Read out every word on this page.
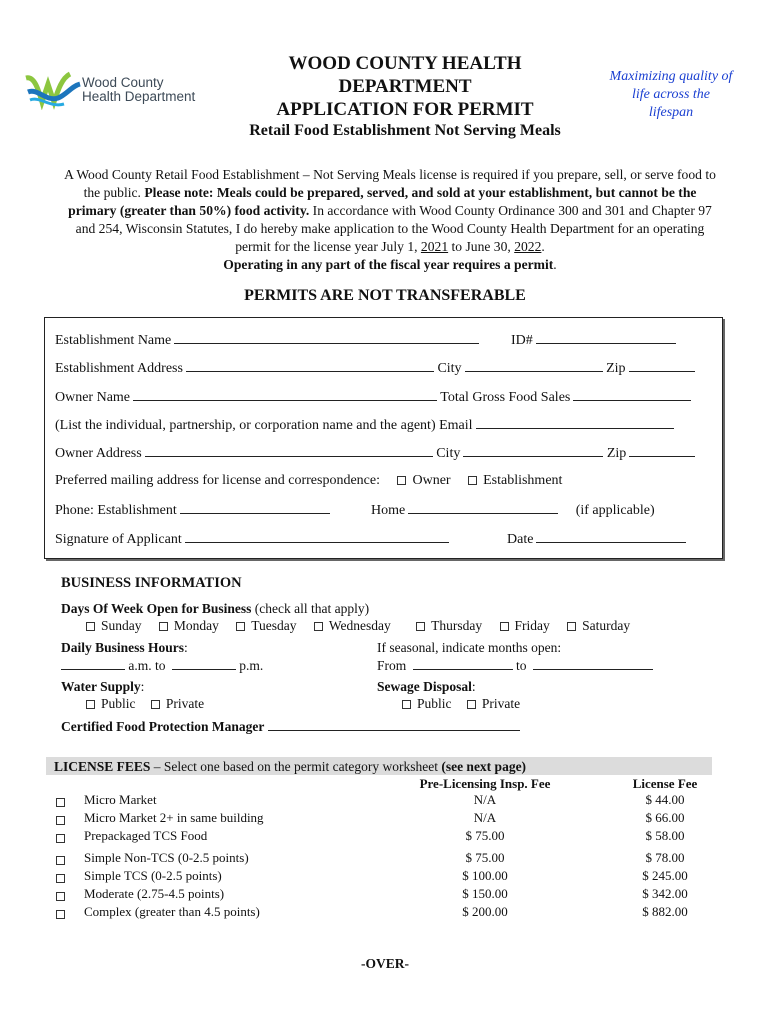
Wood County
Health Department
WOOD COUNTY HEALTH
DEPARTMENT
APPLICATION FOR PERMIT
Retail Food Establishment Not Serving Meals
Maximizing quality of
life across the
lifespan
A Wood County Retail Food Establishment – Not Serving Meals license is required if you prepare, sell, or serve food to the public. Please note: Meals could be prepared, served, and sold at your establishment, but cannot be the primary (greater than 50%) food activity. In accordance with Wood County Ordinance 300 and 301 and Chapter 97 and 254, Wisconsin Statutes, I do hereby make application to the Wood County Health Department for an operating permit for the license year July 1, 2021 to June 30, 2022.
Operating in any part of the fiscal year requires a permit.
PERMITS ARE NOT TRANSFERABLE
Establishment Name	ID#
Establishment Address	City	Zip
Owner Name	Total Gross Food Sales
(List the individual, partnership, or corporation name and the agent) Email
Owner Address	City	Zip
Preferred mailing address for license and correspondence: Owner Establishment
Phone: Establishment	Home	(if applicable)
Signature of Applicant	Date
BUSINESS INFORMATION
Days Of Week Open for Business (check all that apply)
Sunday Monday Tuesday Wednesday	Thursday Friday Saturday
Daily Business Hours:
a.m. to	p.m.
If seasonal, indicate months open:
From	to
Water Supply:
Public Private
Sewage Disposal:
Public Private
Certified Food Protection Manager
LICENSE FEES – Select one based on the permit category worksheet (see next page)
Pre-Licensing Insp. Fee	License Fee
Micro Market	N/A	$ 44.00
Micro Market 2+ in same building	N/A	$ 66.00
Prepackaged TCS Food	$ 75.00	$ 58.00
Simple Non-TCS (0-2.5 points)	$ 75.00	$ 78.00
Simple TCS (0-2.5 points)	$ 100.00	$ 245.00
Moderate (2.75-4.5 points)	$ 150.00	$ 342.00
Complex (greater than 4.5 points)	$ 200.00	$ 882.00
-OVER-
